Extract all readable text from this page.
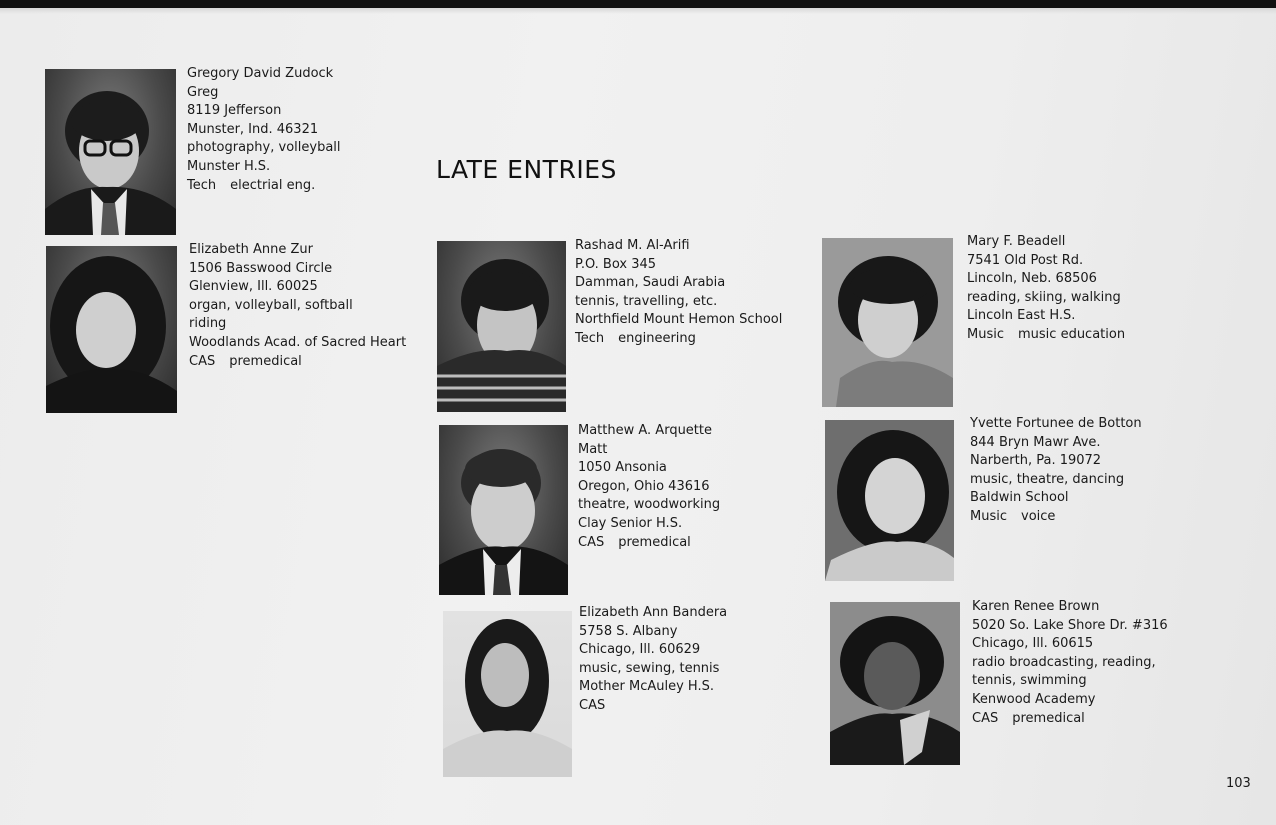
LATE ENTRIES
Gregory David Zudock
Greg
8119 Jefferson
Munster, Ind. 46321
photography, volleyball
Munster H.S.
Tech electrial eng.
Elizabeth Anne Zur
1506 Basswood Circle
Glenview, Ill. 60025
organ, volleyball, softball
riding
Woodlands Acad. of Sacred Heart
CAS premedical
Rashad M. Al-Arifi
P.O. Box 345
Damman, Saudi Arabia
tennis, travelling, etc.
Northfield Mount Hemon School
Tech engineering
Matthew A. Arquette
Matt
1050 Ansonia
Oregon, Ohio 43616
theatre, woodworking
Clay Senior H.S.
CAS premedical
Elizabeth Ann Bandera
5758 S. Albany
Chicago, Ill. 60629
music, sewing, tennis
Mother McAuley H.S.
CAS
Mary F. Beadell
7541 Old Post Rd.
Lincoln, Neb. 68506
reading, skiing, walking
Lincoln East H.S.
Music music education
Yvette Fortunee de Botton
844 Bryn Mawr Ave.
Narberth, Pa. 19072
music, theatre, dancing
Baldwin School
Music voice
Karen Renee Brown
5020 So. Lake Shore Dr. #316
Chicago, Ill. 60615
radio broadcasting, reading,
tennis, swimming
Kenwood Academy
CAS premedical
103
